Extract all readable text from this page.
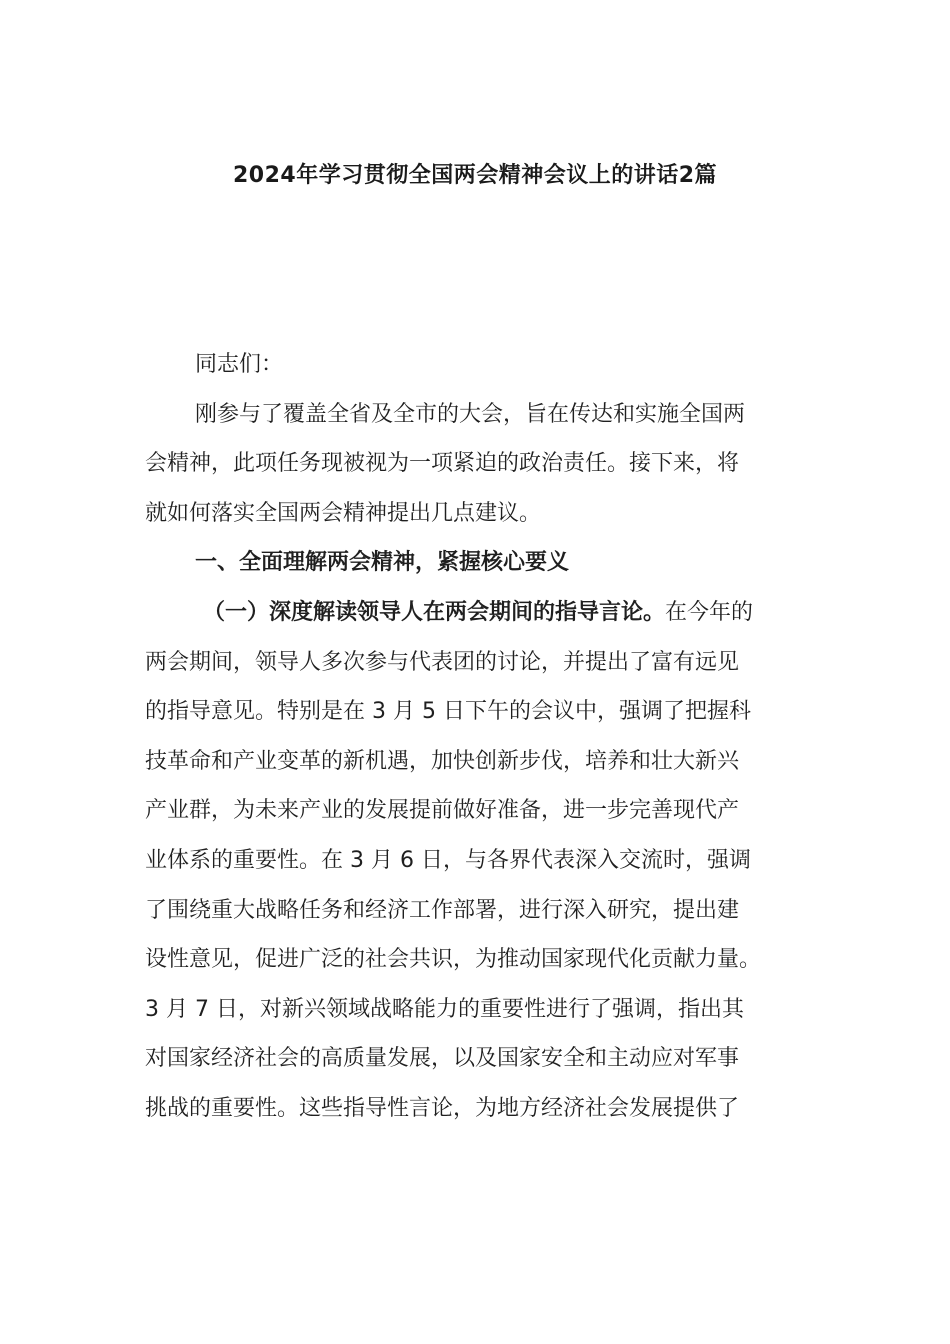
2024年学习贯彻全国两会精神会议上的讲话2篇

同志们：

刚参与了覆盖全省及全市的大会，旨在传达和实施全国两
会精神，此项任务现被视为一项紧迫的政治责任。接下来，将
就如何落实全国两会精神提出几点建议。

一、全面理解两会精神，紧握核心要义

（一）深度解读领导人在两会期间的指导言论。在今年的
两会期间，领导人多次参与代表团的讨论，并提出了富有远见
的指导意见。特别是在 3 月 5 日下午的会议中，强调了把握科
技革命和产业变革的新机遇，加快创新步伐，培养和壮大新兴
产业群，为未来产业的发展提前做好准备，进一步完善现代产
业体系的重要性。在 3 月 6 日，与各界代表深入交流时，强调
了围绕重大战略任务和经济工作部署，进行深入研究，提出建
设性意见，促进广泛的社会共识，为推动国家现代化贡献力量。
3 月 7 日，对新兴领域战略能力的重要性进行了强调，指出其
对国家经济社会的高质量发展，以及国家安全和主动应对军事
挑战的重要性。这些指导性言论，为地方经济社会发展提供了
